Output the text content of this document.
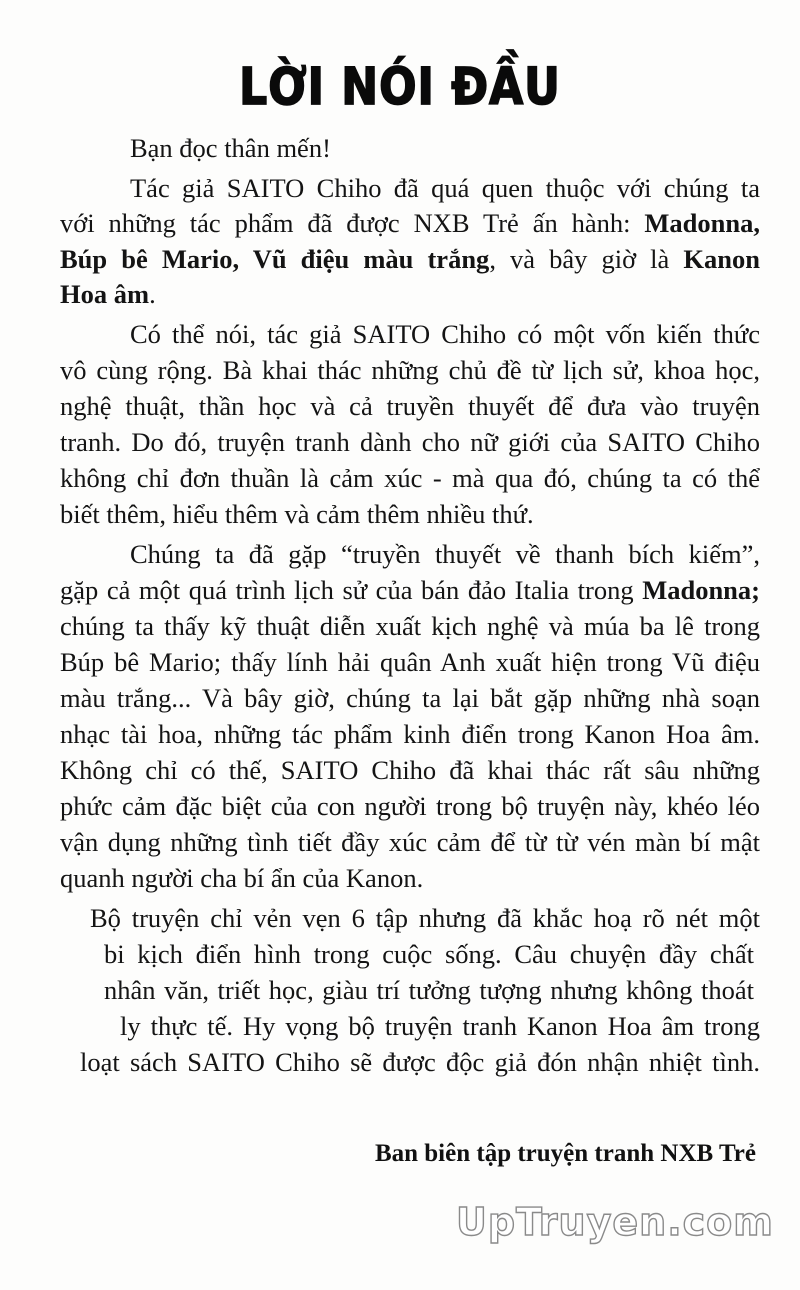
LỜI NÓI ĐẦU
Bạn đọc thân mến!
Tác giả SAITO Chiho đã quá quen thuộc với chúng ta
với những tác phẩm đã được NXB Trẻ ấn hành: Madonna,
Búp bê Mario, Vũ điệu màu trắng, và bây giờ là Kanon
Hoa âm.
Có thể nói, tác giả SAITO Chiho có một vốn kiến thức
vô cùng rộng. Bà khai thác những chủ đề từ lịch sử, khoa học,
nghệ thuật, thần học và cả truyền thuyết để đưa vào truyện
tranh. Do đó, truyện tranh dành cho nữ giới của SAITO Chiho
không chỉ đơn thuần là cảm xúc - mà qua đó, chúng ta có thể
biết thêm, hiểu thêm và cảm thêm nhiều thứ.
Chúng ta đã gặp “truyền thuyết về thanh bích kiếm”,
gặp cả một quá trình lịch sử của bán đảo Italia trong Madonna;
chúng ta thấy kỹ thuật diễn xuất kịch nghệ và múa ba lê trong
Búp bê Mario; thấy lính hải quân Anh xuất hiện trong Vũ điệu
màu trắng... Và bây giờ, chúng ta lại bắt gặp những nhà soạn
nhạc tài hoa, những tác phẩm kinh điển trong Kanon Hoa âm.
Không chỉ có thế, SAITO Chiho đã khai thác rất sâu những
phức cảm đặc biệt của con người trong bộ truyện này, khéo léo
vận dụng những tình tiết đầy xúc cảm để từ từ vén màn bí mật
quanh người cha bí ẩn của Kanon.
Bộ truyện chỉ vẻn vẹn 6 tập nhưng đã khắc hoạ rõ nét một
bi kịch điển hình trong cuộc sống. Câu chuyện đầy chất
nhân văn, triết học, giàu trí tưởng tượng nhưng không thoát
ly thực tế. Hy vọng bộ truyện tranh Kanon Hoa âm trong
loạt sách SAITO Chiho sẽ được độc giả đón nhận nhiệt tình.
Ban biên tập truyện tranh NXB Trẻ
UpTruyen.com
